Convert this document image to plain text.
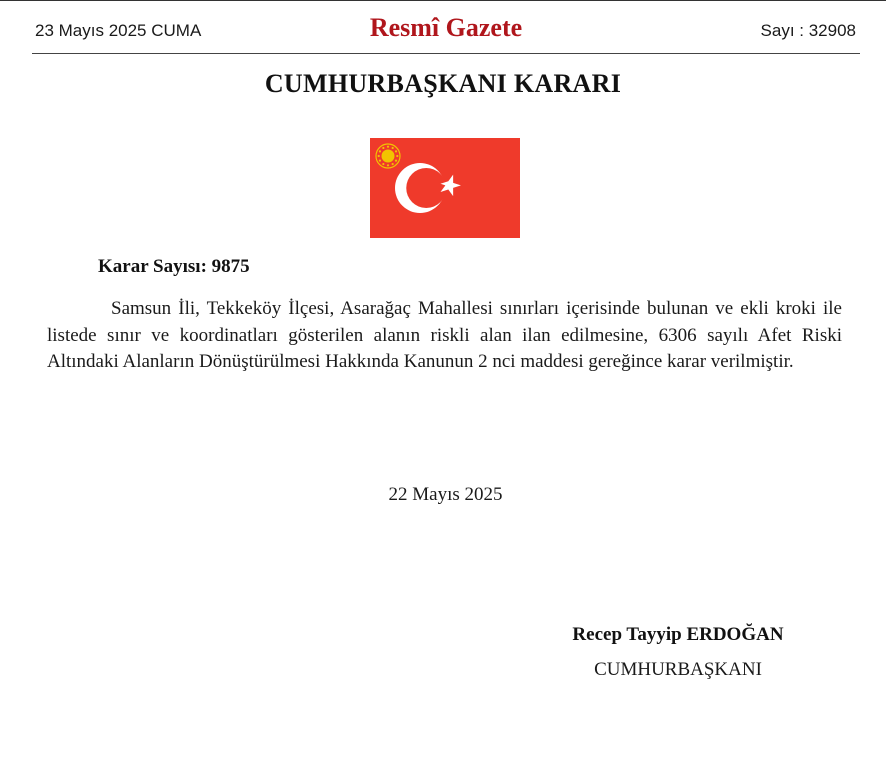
23 Mayıs 2025 CUMA	Resmî Gazete	Sayı : 32908
CUMHURBAŞKANI KARARI
Karar Sayısı: 9875

Samsun İli, Tekkeköy İlçesi, Asarağaç Mahallesi sınırları içerisinde bulunan ve ekli kroki ile listede sınır ve koordinatları gösterilen alanın riskli alan ilan edilmesine, 6306 sayılı Afet Riski Altındaki Alanların Dönüştürülmesi Hakkında Kanunun 2 nci maddesi gereğince karar verilmiştir.

22 Mayıs 2025
Recep Tayyip ERDOĞAN
CUMHURBAŞKANI
